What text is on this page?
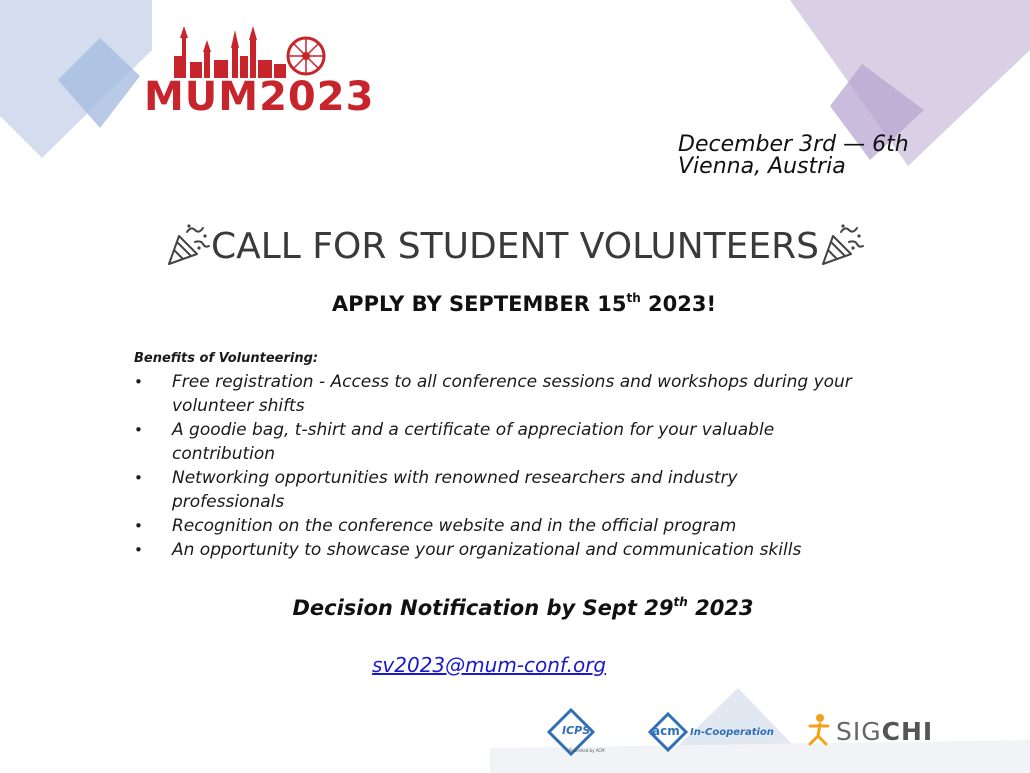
MUM2023
December 3rd — 6th
Vienna, Austria
CALL FOR STUDENT VOLUNTEERS
APPLY BY SEPTEMBER 15th 2023!
Benefits of Volunteering:
• Free registration - Access to all conference sessions and workshops during your
volunteer shifts
• A goodie bag, t-shirt and a certificate of appreciation for your valuable
contribution
• Networking opportunities with renowned researchers and industry
professionals
• Recognition on the conference website and in the official program
• An opportunity to showcase your organizational and communication skills
Decision Notification by Sept 29th 2023
sv2023@mum-conf.org
ICPS
Published by ACM
acm In-Cooperation SIGCHI
